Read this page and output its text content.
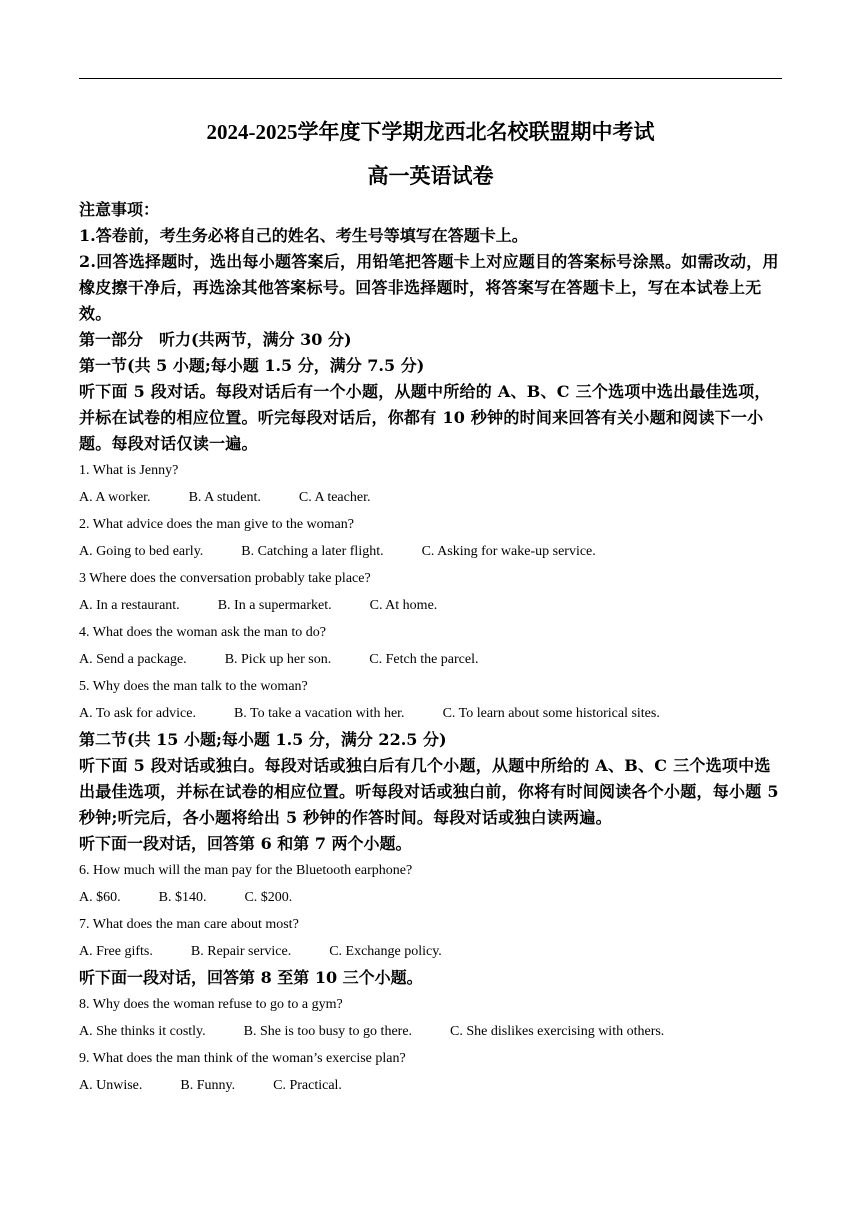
2024-2025学年度下学期龙西北名校联盟期中考试
高一英语试卷

注意事项：

1.答卷前，考生务必将自己的姓名、考生号等填写在答题卡上。

2.回答选择题时，选出每小题答案后，用铅笔把答题卡上对应题目的答案标号涂黑。如需改动，用橡皮擦干净后，再选涂其他答案标号。回答非选择题时，将答案写在答题卡上，写在本试卷上无效。

第一部分　听力(共两节，满分 30 分)

第一节(共 5 小题;每小题 1.5 分，满分 7.5 分)

听下面 5 段对话。每段对话后有一个小题，从题中所给的 A、B、C 三个选项中选出最佳选项，并标在试卷的相应位置。听完每段对话后，你都有 10 秒钟的时间来回答有关小题和阅读下一小题。每段对话仅读一遍。

1. What is Jenny?

A. A worker.	B. A student.	C. A teacher.

2. What advice does the man give to the woman?

A. Going to bed early.	B. Catching a later flight.	C. Asking for wake-up service.

3 Where does the conversation probably take place?

A. In a restaurant.	B. In a supermarket.	C. At home.

4. What does the woman ask the man to do?

A. Send a package.	B. Pick up her son.	C. Fetch the parcel.

5. Why does the man talk to the woman?

A. To ask for advice.	B. To take a vacation with her.	C. To learn about some historical sites.

第二节(共 15 小题;每小题 1.5 分，满分 22.5 分)

听下面 5 段对话或独白。每段对话或独白后有几个小题，从题中所给的 A、B、C 三个选项中选出最佳选项，并标在试卷的相应位置。听每段对话或独白前，你将有时间阅读各个小题，每小题 5 秒钟;听完后，各小题将给出 5 秒钟的作答时间。每段对话或独白读两遍。

听下面一段对话，回答第 6 和第 7 两个小题。

6. How much will the man pay for the Bluetooth earphone?

A. $60.	B. $140.	C. $200.

7. What does the man care about most?

A. Free gifts.	B. Repair service.	C. Exchange policy.

听下面一段对话，回答第 8 至第 10 三个小题。

8. Why does the woman refuse to go to a gym?

A. She thinks it costly.	B. She is too busy to go there.	C. She dislikes exercising with others.

9. What does the man think of the woman’s exercise plan?

A. Unwise.	B. Funny.	C. Practical.
